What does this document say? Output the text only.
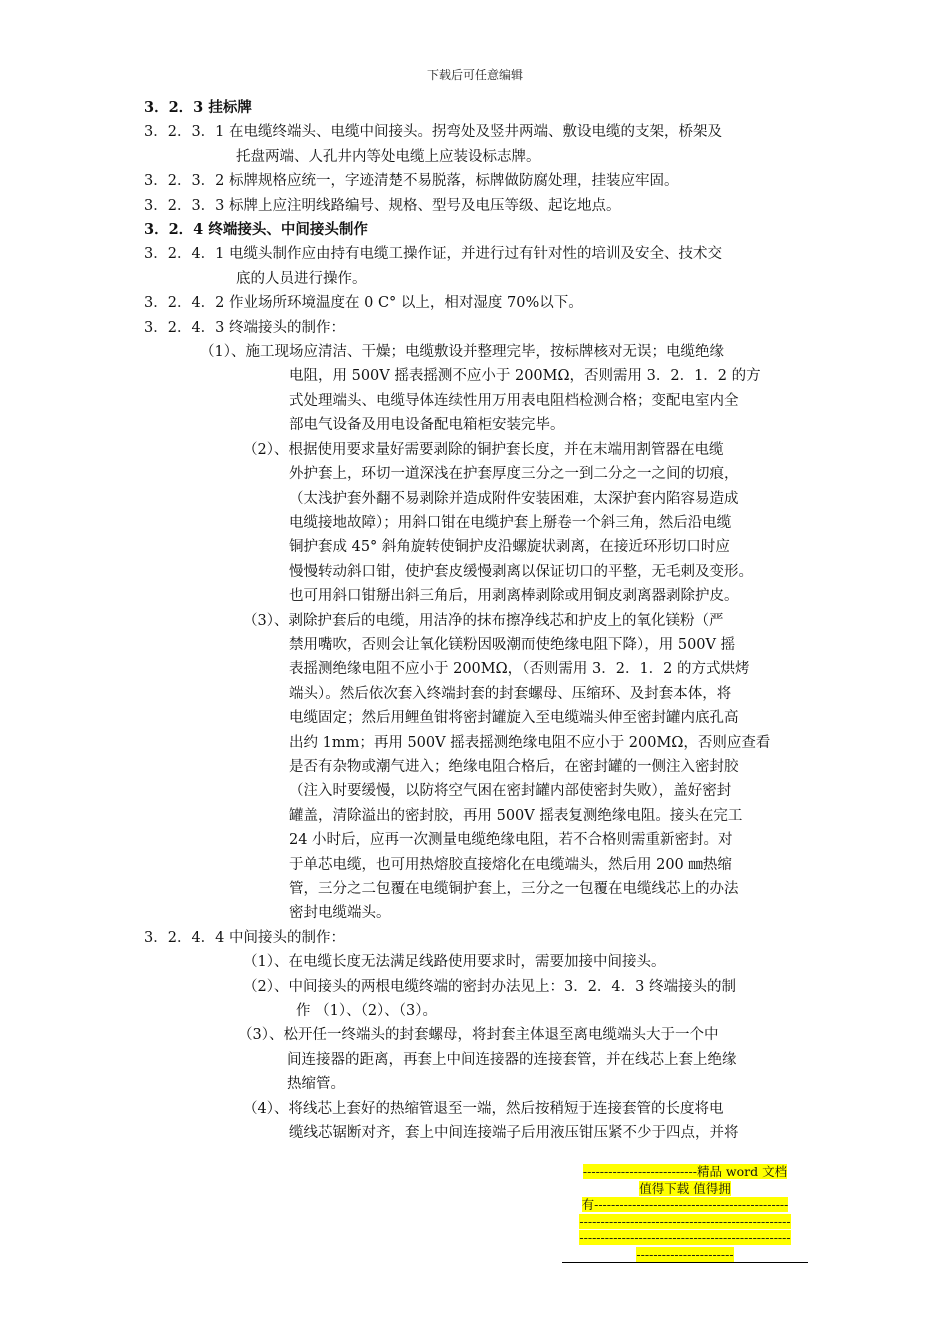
下载后可任意编辑
3．2．3 挂标牌
3．2．3．1 在电缆终端头、电缆中间接头。拐弯处及竖井两端、敷设电缆的支架，桥架及
托盘两端、人孔井内等处电缆上应装设标志牌。
3．2．3．2 标牌规格应统一，字迹清楚不易脱落，标牌做防腐处理，挂装应牢固。
3．2．3．3 标牌上应注明线路编号、规格、型号及电压等级、起讫地点。
3．2．4 终端接头、中间接头制作
3．2．4．1 电缆头制作应由持有电缆工操作证，并进行过有针对性的培训及安全、技术交
底的人员进行操作。
3．2．4．2 作业场所环境温度在 0 C° 以上，相对湿度 70%以下。
3．2．4．3 终端接头的制作：
（1）、施工现场应清洁、干燥；电缆敷设并整理完毕，按标牌核对无误；电缆绝缘
电阻，用 500V 摇表摇测不应小于 200MΩ，否则需用 3．2．1．2 的方
式处理端头、电缆导体连续性用万用表电阻档检测合格；变配电室内全
部电气设备及用电设备配电箱柜安装完毕。
（2）、根据使用要求量好需要剥除的铜护套长度，并在末端用割管器在电缆
外护套上，环切一道深浅在护套厚度三分之一到二分之一之间的切痕，
（太浅护套外翻不易剥除并造成附件安装困难，太深护套内陷容易造成
电缆接地故障）；用斜口钳在电缆护套上掰卷一个斜三角，然后沿电缆
铜护套成 45° 斜角旋转使铜护皮沿螺旋状剥离，在接近环形切口时应
慢慢转动斜口钳，使护套皮缓慢剥离以保证切口的平整，无毛刺及变形。
也可用斜口钳掰出斜三角后，用剥离棒剥除或用铜皮剥离器剥除护皮。
（3）、剥除护套后的电缆，用洁净的抹布擦净线芯和护皮上的氧化镁粉（严
禁用嘴吹，否则会让氧化镁粉因吸潮而使绝缘电阻下降），用 500V 摇
表摇测绝缘电阻不应小于 200MΩ，（否则需用 3．2．1．2 的方式烘烤
端头）。然后依次套入终端封套的封套螺母、压缩环、及封套本体，将
电缆固定；然后用鲤鱼钳将密封罐旋入至电缆端头伸至密封罐内底孔高
出约 1mm；再用 500V 摇表摇测绝缘电阻不应小于 200MΩ，否则应查看
是否有杂物或潮气进入；绝缘电阻合格后，在密封罐的一侧注入密封胶
（注入时要缓慢，以防将空气困在密封罐内部使密封失败），盖好密封
罐盖，清除溢出的密封胶，再用 500V 摇表复测绝缘电阻。接头在完工
24 小时后，应再一次测量电缆绝缘电阻，若不合格则需重新密封。对
于单芯电缆，也可用热熔胶直接熔化在电缆端头，然后用 200 ㎜热缩
管，三分之二包覆在电缆铜护套上，三分之一包覆在电缆线芯上的办法
密封电缆端头。
3．2．4．4 中间接头的制作：
（1）、在电缆长度无法满足线路使用要求时，需要加接中间接头。
（2）、中间接头的两根电缆终端的密封办法见上：3．2．4．3 终端接头的制
作 （1）、（2）、（3）。
（3）、松开任一终端头的封套螺母，将封套主体退至离电缆端头大于一个中
间连接器的距离，再套上中间连接器的连接套管，并在线芯上套上绝缘
热缩管。
（4）、将线芯上套好的热缩管退至一端，然后按稍短于连接套管的长度将电
缆线芯锯断对齐，套上中间连接端子后用液压钳压紧不少于四点，并将
---------------------------精品 word 文档
值得下载 值得拥
有----------------------------------------------
--------------------------------------------------
--------------------------------------------------
-----------------------
